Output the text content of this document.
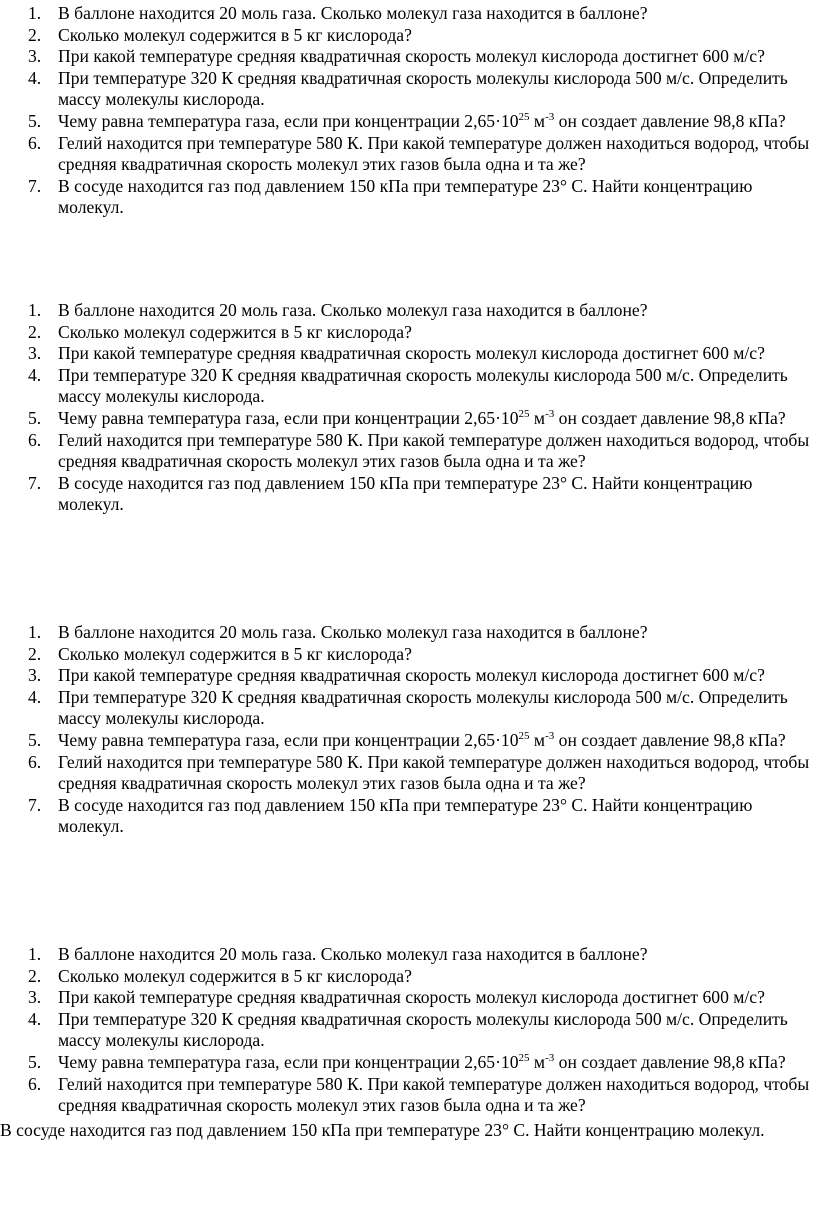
1. В баллоне находится 20 моль газа. Сколько молекул газа находится в баллоне?
2. Сколько молекул содержится в 5 кг кислорода?
3. При какой температуре средняя квадратичная скорость молекул кислорода достигнет 600 м/с?
4. При температуре 320 К средняя квадратичная скорость молекулы кислорода 500 м/с. Определить массу молекулы кислорода.
5. Чему равна температура газа, если при концентрации $2,65\cdot 10^{25}$ $м^{-3}$ он создает давление 98,8 кПа?
6. Гелий находится при температуре 580 К. При какой температуре должен находиться водород, чтобы средняя квадратичная скорость молекул этих газов была одна и та же?
7. В сосуде находится газ под давлением 150 кПа при температуре 23° С. Найти концентрацию молекул.
1. В баллоне находится 20 моль газа. Сколько молекул газа находится в баллоне?
2. Сколько молекул содержится в 5 кг кислорода?
3. При какой температуре средняя квадратичная скорость молекул кислорода достигнет 600 м/с?
4. При температуре 320 К средняя квадратичная скорость молекулы кислорода 500 м/с. Определить массу молекулы кислорода.
5. Чему равна температура газа, если при концентрации $2,65\cdot 10^{25}$ $м^{-3}$ он создает давление 98,8 кПа?
6. Гелий находится при температуре 580 К. При какой температуре должен находиться водород, чтобы средняя квадратичная скорость молекул этих газов была одна и та же?
7. В сосуде находится газ под давлением 150 кПа при температуре 23° С. Найти концентрацию молекул.
1. В баллоне находится 20 моль газа. Сколько молекул газа находится в баллоне?
2. Сколько молекул содержится в 5 кг кислорода?
3. При какой температуре средняя квадратичная скорость молекул кислорода достигнет 600 м/с?
4. При температуре 320 К средняя квадратичная скорость молекулы кислорода 500 м/с. Определить массу молекулы кислорода.
5. Чему равна температура газа, если при концентрации $2,65\cdot 10^{25}$ $м^{-3}$ он создает давление 98,8 кПа?
6. Гелий находится при температуре 580 К. При какой температуре должен находиться водород, чтобы средняя квадратичная скорость молекул этих газов была одна и та же?
7. В сосуде находится газ под давлением 150 кПа при температуре 23° С. Найти концентрацию молекул.
1. В баллоне находится 20 моль газа. Сколько молекул газа находится в баллоне?
2. Сколько молекул содержится в 5 кг кислорода?
3. При какой температуре средняя квадратичная скорость молекул кислорода достигнет 600 м/с?
4. При температуре 320 К средняя квадратичная скорость молекулы кислорода 500 м/с. Определить массу молекулы кислорода.
5. Чему равна температура газа, если при концентрации $2,65\cdot 10^{25}$ $м^{-3}$ он создает давление 98,8 кПа?
6. Гелий находится при температуре 580 К. При какой температуре должен находиться водород, чтобы средняя квадратичная скорость молекул этих газов была одна и та же?
В сосуде находится газ под давлением 150 кПа при температуре 23° С. Найти концентрацию молекул.
